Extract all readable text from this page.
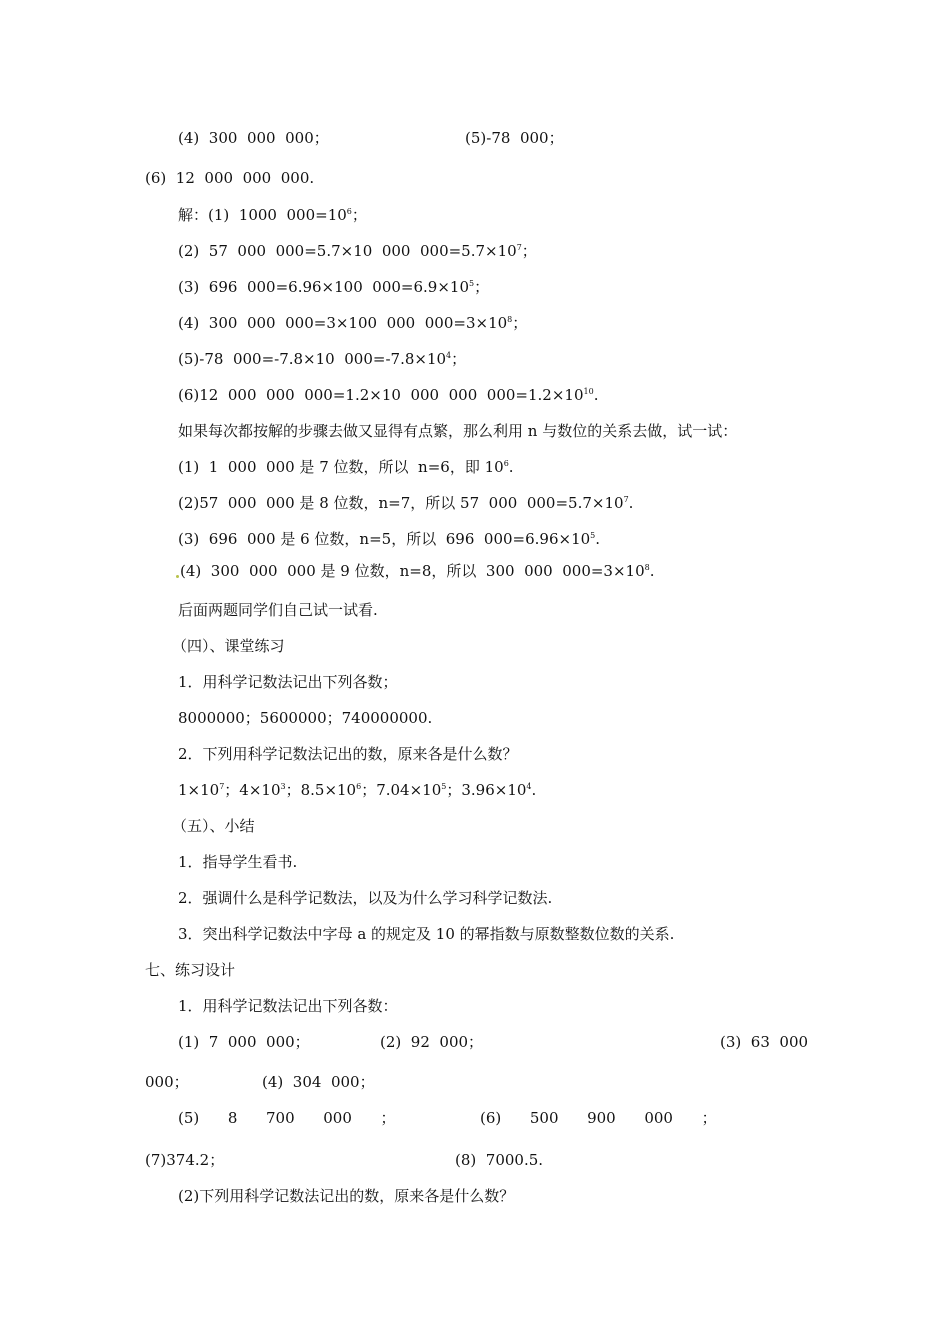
(4)  300  000  000；	(5)-78  000；
(6)  12  000  000  000.
解：(1)  1000  $000=10^6$；
(2)  57  000  000=5.7×10  000  $000=5.7\times 10^7$；
(3)  696  000=6.96×100  $000=6.9\times 10^5$；
(4)  300  000  000=3×100  000  $000=3\times 10^8$；
(5)-78  000=-7.8×10  $000=-7.8\times 10^4$；
(6)12  000  000  000=1.2×10  000  000  $000=1.2\times 10^{10}$.
如果每次都按解的步骤去做又显得有点繁，那么利用 n 与数位的关系去做，试一试：
(1)  1  000  000 是 7 位数，所以  n=6，即 $10^6$.
(2)57  000  000 是 8 位数，n=7，所以 57  000  $000=5.7\times 10^7$.
(3)  696  000 是 6 位数，n=5，所以  696  $000=6.96\times 10^5$.
(4)  300  000  000 是 9 位数，n=8，所以  300  000  $000=3\times 10^8$.
后面两题同学们自己试一试看.
（四）、课堂练习
1．用科学记数法记出下列各数；
8000000；5600000；740000000.
2．下列用科学记数法记出的数，原来各是什么数？
$1\times 10^7$；$4\times 10^3$；$8.5\times 10^6$；$7.04\times 10^5$；$3.96\times 10^4$.
（五）、小结
1．指导学生看书.
2．强调什么是科学记数法，以及为什么学习科学记数法.
3．突出科学记数法中字母 a 的规定及 10 的幂指数与原数整数位数的关系.
七、练习设计
1．用科学记数法记出下列各数：
(1)  7  000  000；	(2)  92  000；	(3)  63  000
000；	(4)  304  000；
(5)      8      700      000      ；	(6)      500      900      000      ；
(7)374.2；	(8)  7000.5.
(2)下列用科学记数法记出的数，原来各是什么数？
